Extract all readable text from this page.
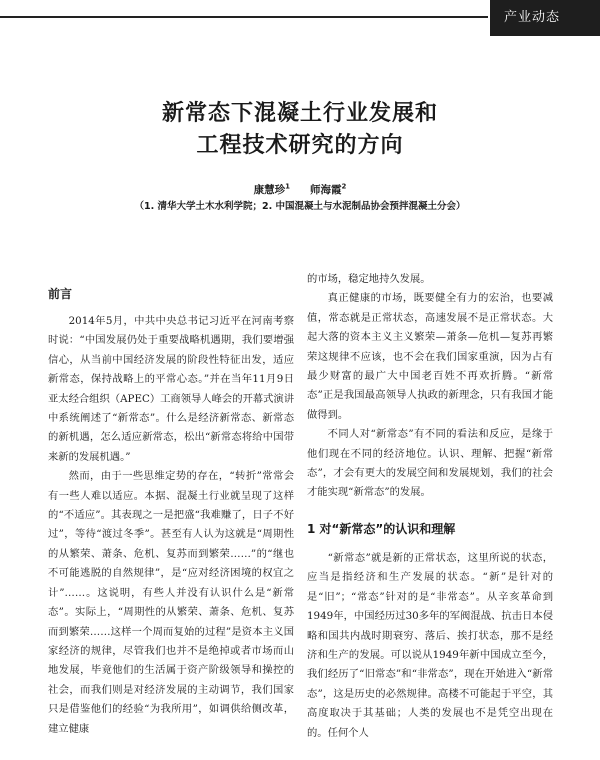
产业动态
新常态下混凝土行业发展和
工程技术研究的方向
康慧珍$^1$ 师海霞$^2$
（1. 清华大学土木水利学院；2. 中国混凝土与水泥制品协会预拌混凝土分会）
前言

2014年5月，中共中央总书记习近平在河南考察时说：“中国发展仍处于重要战略机遇期，我们要增强信心，从当前中国经济发展的阶段性特征出发，适应新常态，保持战略上的平常心态。”并在当年11月9日亚太经合组织（APEC）工商领导人峰会的开幕式演讲中系统阐述了“新常态”。什么是经济新常态、新常态的新机遇，怎么适应新常态，松出“新常态将给中国带来新的发展机遇。”

然而，由于一些思维定势的存在，“转折”常常会有一些人难以适应。本据、混凝土行业就呈现了这样的“不适应”。其表现之一是把盛“我难赚了，日子不好过”，等待“渡过冬季”。甚至有人认为这就是“周期性的从繁荣、萧条、危机、复苏而到繁荣……”的“继也不可能逃脱的自然规律”，是“应对经济困境的权宜之计”……。这说明，有些人并没有认识什么是“新常态”。实际上，“周期性的从繁荣、萧条、危机、复苏而到繁荣……这样一个周而复始的过程”是资本主义国家经济的规律，尽管我们也并不是绝掉或者市场而山地发展，毕竟他们的生活属于资产阶级领导和操控的社会，而我们则是对经济发展的主动调节，我们国家只是借鉴他们的经验“为我所用”，如调供给侧改革，建立健康

的市场，稳定地持久发展。

真正健康的市场，既要健全有力的宏治，也要减值，常态就是正常状态，高速发展不是正常状态。大起大落的资本主义主义繁荣—萧条—危机—复苏再繁荣这规律不应该，也不会在我们国家重演，因为占有最少财富的最广大中国老百姓不再欢折腾。“新常态”正是我国最高领导人执政的新理念，只有我国才能做得到。

不同人对“新常态”有不同的看法和反应，是缘于他们现在不同的经济地位。认识、理解、把握“新常态”，才会有更大的发展空间和发展规划，我们的社会才能实现“新常态”的发展。

1 对“新常态”的认识和理解

“新常态”就是新的正常状态，这里所说的状态，应当是指经济和生产发展的状态。“新”是针对的是“旧”；“常态”针对的是“非常态”。从辛亥革命到1949年，中国经历过30多年的军阀混战、抗击日本侵略和国共内战时期衰穷、落后、挨打状态，那不是经济和生产的发展。可以说从1949年新中国成立至今，我们经历了“旧常态”和“非常态”，现在开始进入“新常态”，这是历史的必然规律。高楼不可能起于平空，其高度取决于其基础；人类的发展也不是凭空出现在的。任何个人
